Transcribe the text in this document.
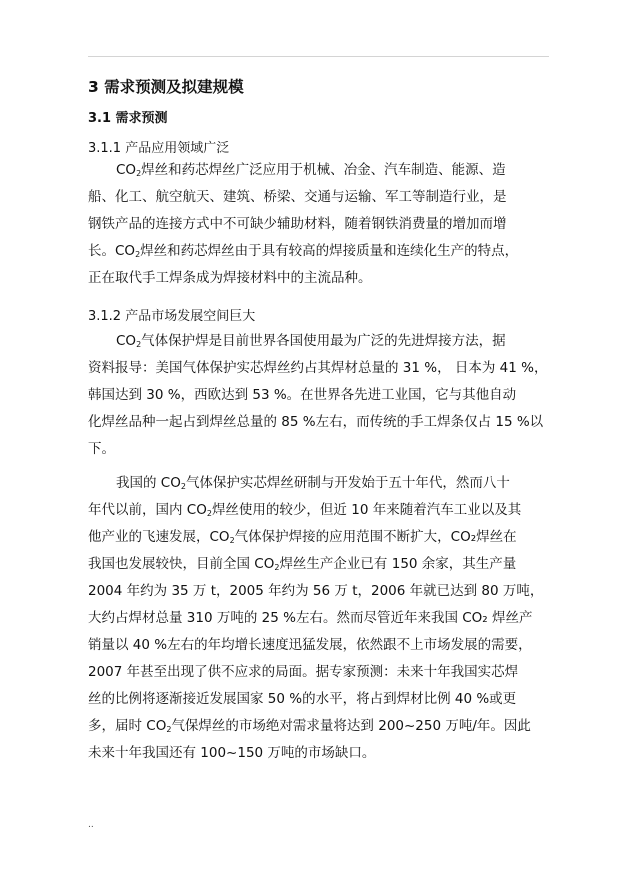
3 需求预测及拟建规模
3.1 需求预测
3.1.1 产品应用领域广泛
$CO_2$焊丝和药芯焊丝广泛应用于机械、冶金、汽车制造、能源、造
船、化工、航空航天、建筑、桥梁、交通与运输、军工等制造行业，是
钢铁产品的连接方式中不可缺少辅助材料，随着钢铁消费量的增加而增
长。$CO_2$焊丝和药芯焊丝由于具有较高的焊接质量和连续化生产的特点，
正在取代手工焊条成为焊接材料中的主流品种。
3.1.2 产品市场发展空间巨大
$CO_2$气体保护焊是目前世界各国使用最为广泛的先进焊接方法，据
资料报导：美国气体保护实芯焊丝约占其焊材总量的 31 %， 日本为 41 %，
韩国达到 30 %，西欧达到 53 %。在世界各先进工业国，它与其他自动
化焊丝品种一起占到焊丝总量的 85 %左右，而传统的手工焊条仅占 15 %以
下。
我国的 $CO_2$气体保护实芯焊丝研制与开发始于五十年代，然而八十
年代以前，国内 $CO_2$焊丝使用的较少，但近 10 年来随着汽车工业以及其
他产业的飞速发展，$CO_2$气体保护焊接的应用范围不断扩大，CO₂焊丝在
我国也发展较快，目前全国 $CO_2$焊丝生产企业已有 150 余家，其生产量
2004 年约为 35 万 t，2005 年约为 56 万 t，2006 年就已达到 80 万吨，
大约占焊材总量 310 万吨的 25 %左右。然而尽管近年来我国 CO₂ 焊丝产
销量以 40 %左右的年均增长速度迅猛发展，依然跟不上市场发展的需要，
2007 年甚至出现了供不应求的局面。据专家预测：未来十年我国实芯焊
丝的比例将逐渐接近发展国家 50 %的水平，将占到焊材比例 40 %或更
多，届时 $CO_2$气保焊丝的市场绝对需求量将达到 200~250 万吨/年。因此
未来十年我国还有 100~150 万吨的市场缺口。
..
